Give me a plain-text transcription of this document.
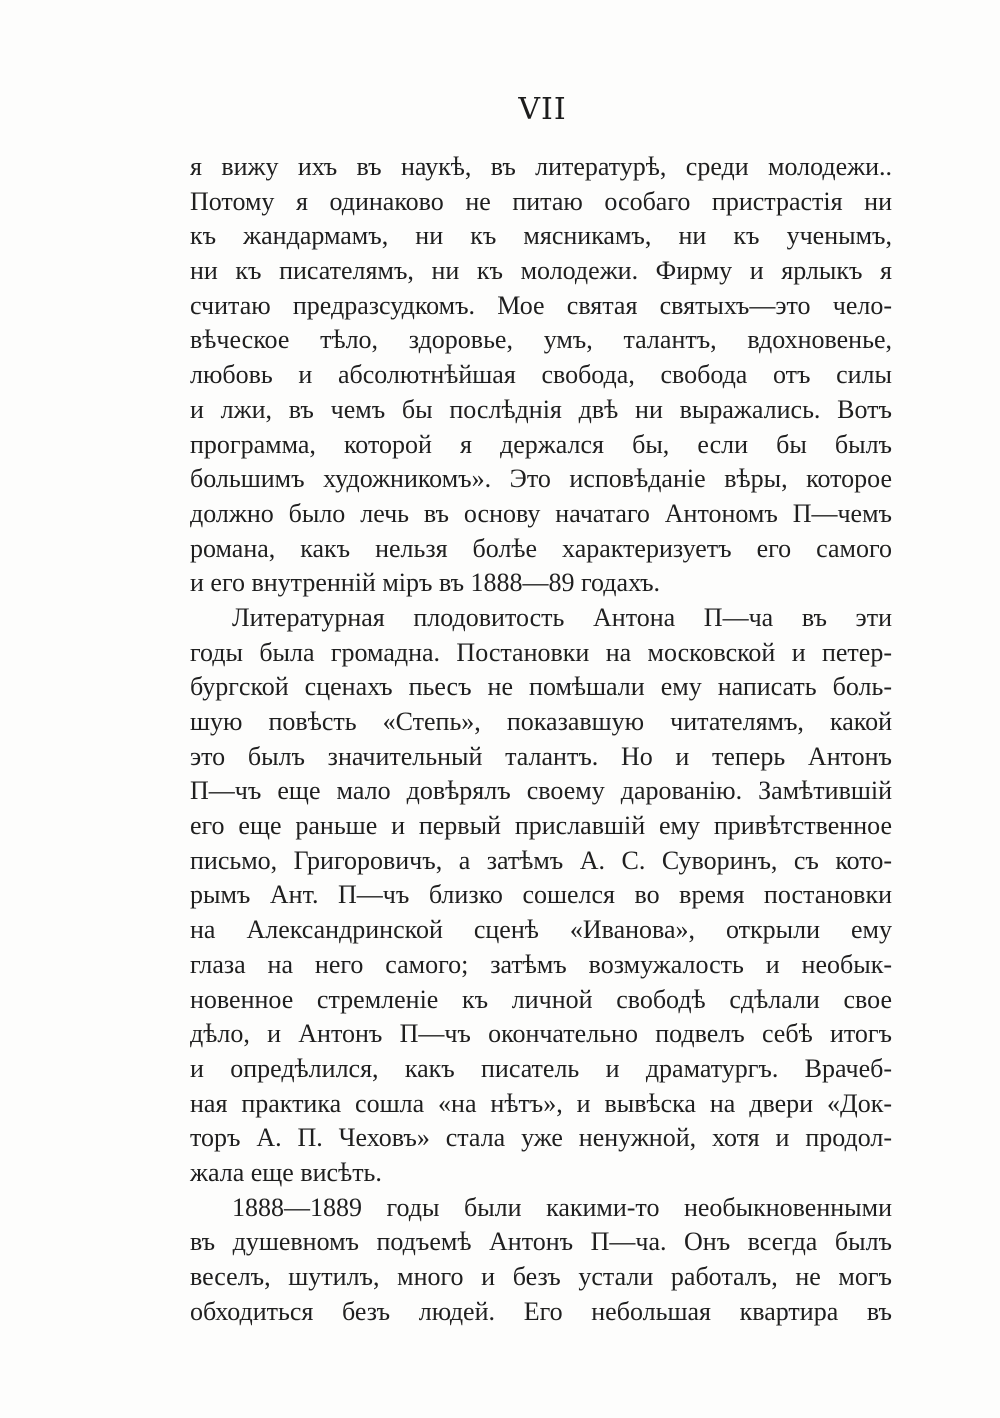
VII
я вижу ихъ въ наукѣ, въ литературѣ, среди молодежи..
Потому я одинаково не питаю особаго пристрастія ни
къ жандармамъ, ни къ мясникамъ, ни къ ученымъ,
ни къ писателямъ, ни къ молодежи. Фирму и ярлыкъ я
считаю предразсудкомъ. Мое святая святыхъ—это чело-
вѣческое тѣло, здоровье, умъ, талантъ, вдохновенье,
любовь и абсолютнѣйшая свобода, свобода отъ силы
и лжи, въ чемъ бы послѣднія двѣ ни выражались. Вотъ
программа, которой я держался бы, если бы былъ
большимъ художникомъ». Это исповѣданіе вѣры, которое
должно было лечь въ основу начатаго Антономъ П—чемъ
романа, какъ нельзя болѣе характеризуетъ его самого
и его внутренній міръ въ 1888—89 годахъ.
Литературная плодовитость Антона П—ча въ эти
годы была громадна. Постановки на московской и петер-
бургской сценахъ пьесъ не помѣшали ему написать боль-
шую повѣсть «Степь», показавшую читателямъ, какой
это былъ значительный талантъ. Но и теперь Антонъ
П—чъ еще мало довѣрялъ своему дарованію. Замѣтившій
его еще раньше и первый приславшій ему привѣтственное
письмо, Григоровичъ, а затѣмъ А. С. Суворинъ, съ кото-
рымъ Ант. П—чъ близко сошелся во время постановки
на Александринской сценѣ «Иванова», открыли ему
глаза на него самого; затѣмъ возмужалость и необык-
новенное стремленіе къ личной свободѣ сдѣлали свое
дѣло, и Антонъ П—чъ окончательно подвелъ себѣ итогъ
и опредѣлился, какъ писатель и драматургъ. Врачеб-
ная практика сошла «на нѣтъ», и вывѣска на двери «Док-
торъ А. П. Чеховъ» стала уже ненужной, хотя и продол-
жала еще висѣть.
1888—1889 годы были какими-то необыкновенными
въ душевномъ подъемѣ Антонъ П—ча. Онъ всегда былъ
веселъ, шутилъ, много и безъ устали работалъ, не могъ
обходиться безъ людей. Его небольшая квартира въ
